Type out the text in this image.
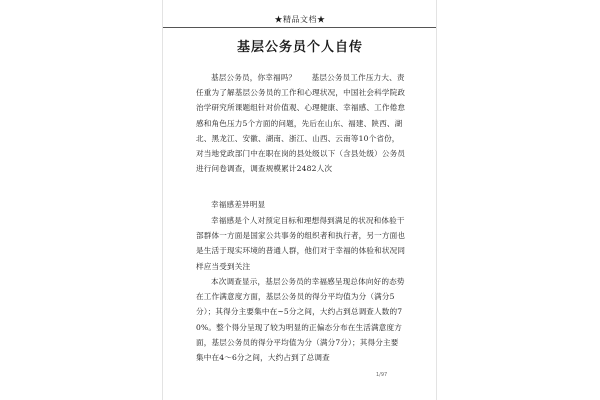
★精品文档★
基层公务员个人自传
基层公务员，你幸福吗？　　基层公务员工作压力大、责任重为了解基层公务员的工作和心理状况，中国社会科学院政治学研究所课题组针对价值观、心理健康、幸福感、工作倦怠感和角色压力5个方面的问题，先后在山东、福建、陕西、湖北、黑龙江、安徽、湖南、浙江、山西、云南等10个省份，对当地党政部门中在职在岗的县处级以下（含县处级）公务员进行问卷调查，调查规模累计2482人次
幸福感差异明显
幸福感是个人对预定目标和理想得到满足的状况和体验干部群体一方面是国家公共事务的组织者和执行者，另一方面也是生活于现实环境的普通人群，他们对于幸福的体验和状况同样应当受到关注
本次调查显示，基层公务员的幸福感呈现总体向好的态势在工作满意度方面，基层公务员的得分平均值为分（满分5分）；其得分主要集中在~5分之间，大约占到总调查人数的70%。整个得分呈现了较为明显的正偏态分布在生活满意度方面，基层公务员的得分平均值为分（满分7分）；其得分主要集中在4～6分之间，大约占到了总调查
1/97
